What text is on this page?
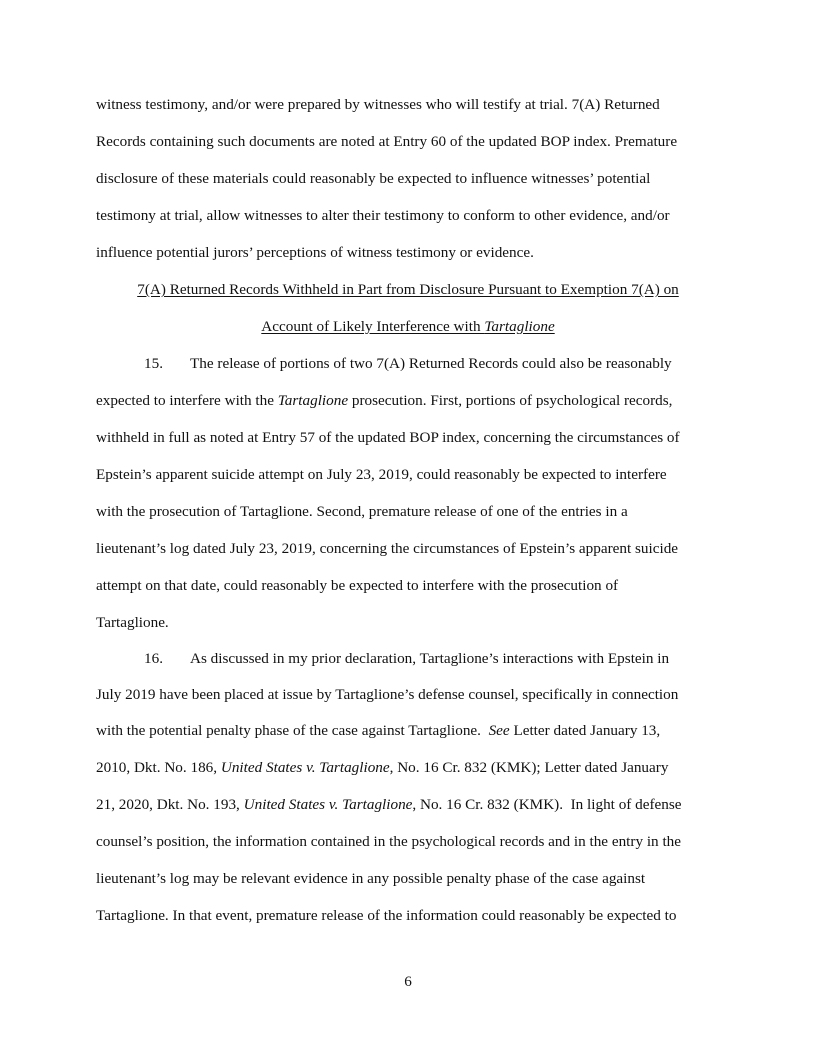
witness testimony, and/or were prepared by witnesses who will testify at trial. 7(A) Returned
Records containing such documents are noted at Entry 60 of the updated BOP index. Premature
disclosure of these materials could reasonably be expected to influence witnesses’ potential
testimony at trial, allow witnesses to alter their testimony to conform to other evidence, and/or
influence potential jurors’ perceptions of witness testimony or evidence.
7(A) Returned Records Withheld in Part from Disclosure Pursuant to Exemption 7(A) on
Account of Likely Interference with Tartaglione
15. The release of portions of two 7(A) Returned Records could also be reasonably
expected to interfere with the Tartaglione prosecution. First, portions of psychological records,
withheld in full as noted at Entry 57 of the updated BOP index, concerning the circumstances of
Epstein’s apparent suicide attempt on July 23, 2019, could reasonably be expected to interfere
with the prosecution of Tartaglione. Second, premature release of one of the entries in a
lieutenant’s log dated July 23, 2019, concerning the circumstances of Epstein’s apparent suicide
attempt on that date, could reasonably be expected to interfere with the prosecution of
Tartaglione.
16. As discussed in my prior declaration, Tartaglione’s interactions with Epstein in
July 2019 have been placed at issue by Tartaglione’s defense counsel, specifically in connection
with the potential penalty phase of the case against Tartaglione.  See Letter dated January 13,
2010, Dkt. No. 186, United States v. Tartaglione, No. 16 Cr. 832 (KMK); Letter dated January
21, 2020, Dkt. No. 193, United States v. Tartaglione, No. 16 Cr. 832 (KMK).  In light of defense
counsel’s position, the information contained in the psychological records and in the entry in the
lieutenant’s log may be relevant evidence in any possible penalty phase of the case against
Tartaglione. In that event, premature release of the information could reasonably be expected to
6
